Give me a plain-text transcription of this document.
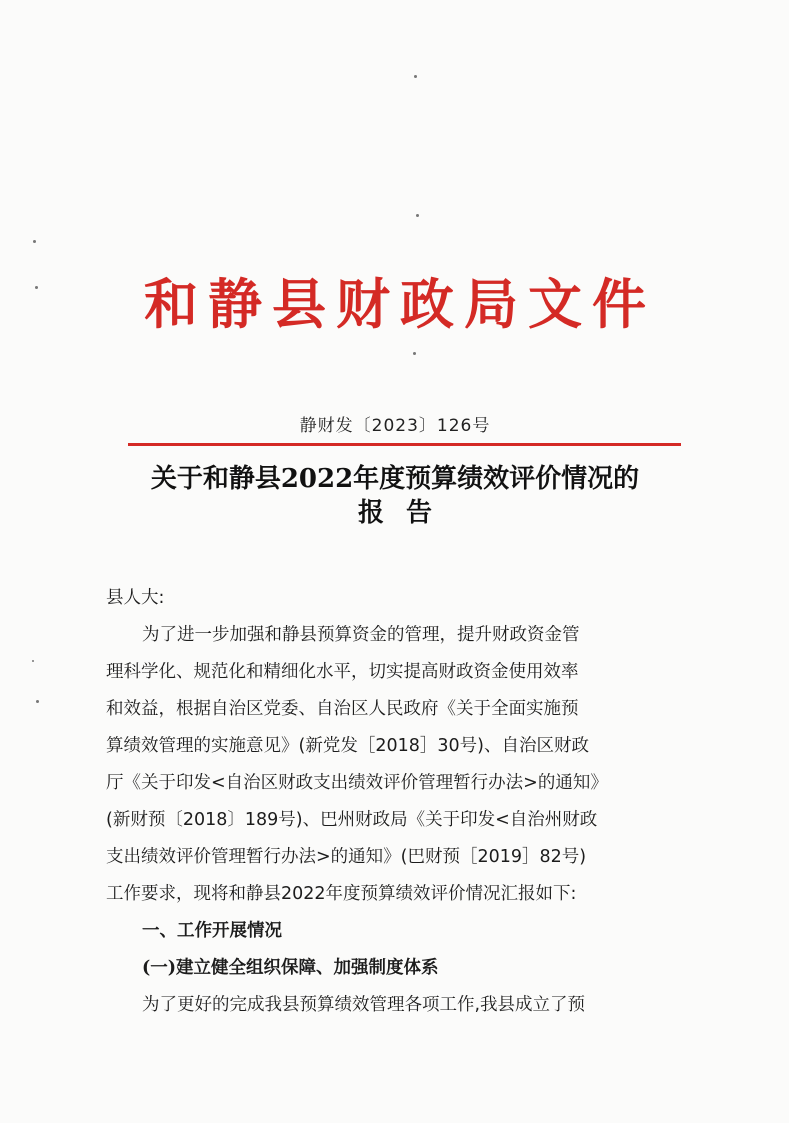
和静县财政局文件
静财发〔2023〕126号
关于和静县2022年度预算绩效评价情况的
报告

县人大:

为了进一步加强和静县预算资金的管理，提升财政资金管

理科学化、规范化和精细化水平，切实提高财政资金使用效率

和效益，根据自治区党委、自治区人民政府《关于全面实施预

算绩效管理的实施意见》(新党发［2018］30号)、自治区财政

厅《关于印发<自治区财政支出绩效评价管理暂行办法>的通知》

(新财预〔2018〕189号)、巴州财政局《关于印发<自治州财政

支出绩效评价管理暂行办法>的通知》(巴财预［2019］82号)

工作要求，现将和静县2022年度预算绩效评价情况汇报如下:

一、工作开展情况

(一)建立健全组织保障、加强制度体系

为了更好的完成我县预算绩效管理各项工作,我县成立了预
